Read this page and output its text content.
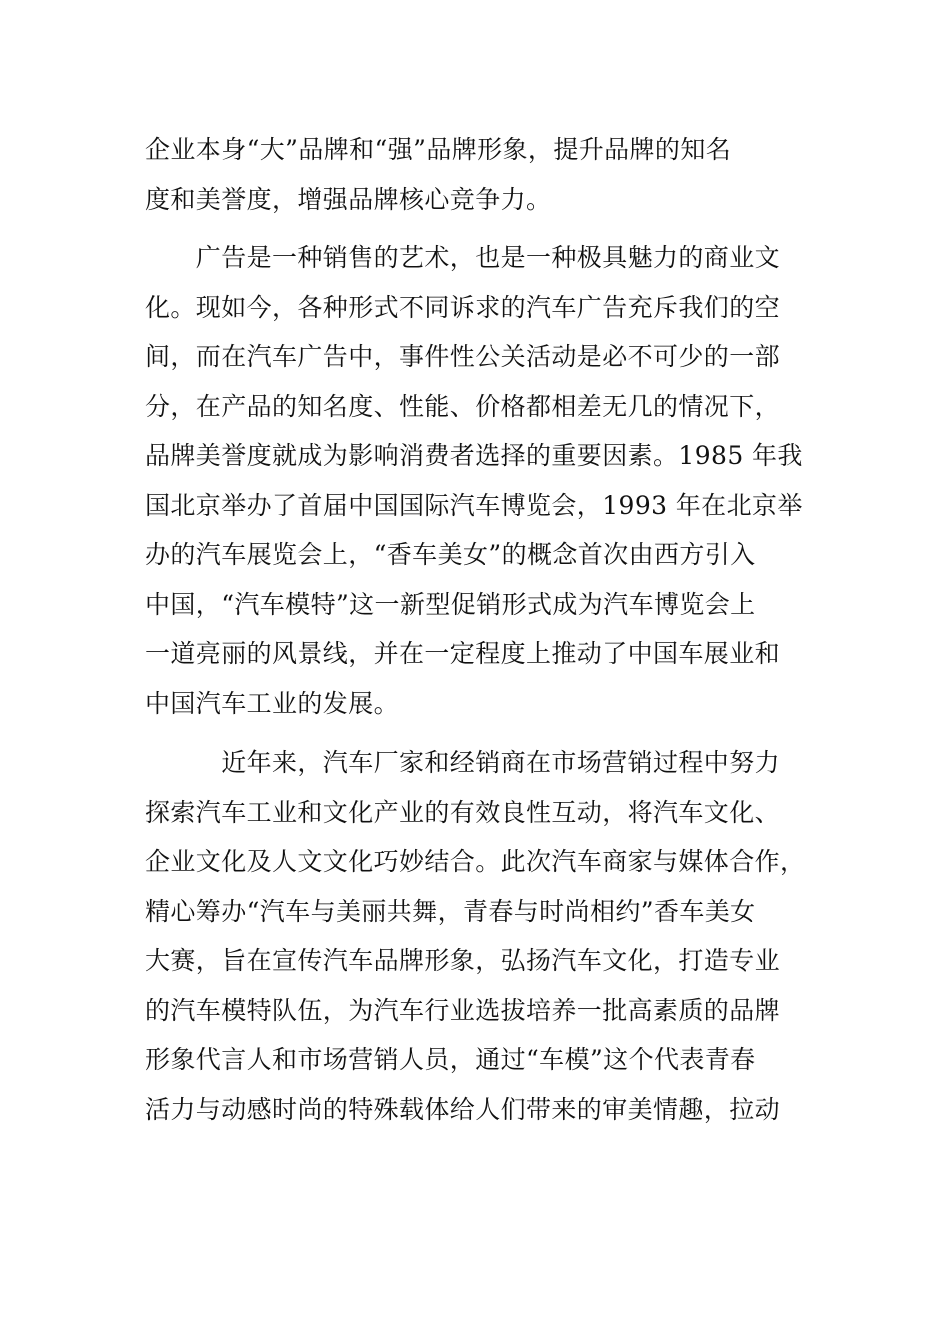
企业本身“大”品牌和“强”品牌形象，提升品牌的知名
度和美誉度，增强品牌核心竞争力。
　　广告是一种销售的艺术，也是一种极具魅力的商业文
化。现如今，各种形式不同诉求的汽车广告充斥我们的空
间，而在汽车广告中，事件性公关活动是必不可少的一部
分，在产品的知名度、性能、价格都相差无几的情况下，
品牌美誉度就成为影响消费者选择的重要因素。1985 年我
国北京举办了首届中国国际汽车博览会，1993 年在北京举
办的汽车展览会上，“香车美女”的概念首次由西方引入
中国，“汽车模特”这一新型促销形式成为汽车博览会上
一道亮丽的风景线，并在一定程度上推动了中国车展业和
中国汽车工业的发展。
　　　近年来，汽车厂家和经销商在市场营销过程中努力
探索汽车工业和文化产业的有效良性互动，将汽车文化、
企业文化及人文文化巧妙结合。此次汽车商家与媒体合作，
精心筹办“汽车与美丽共舞，青春与时尚相约”香车美女
大赛，旨在宣传汽车品牌形象，弘扬汽车文化，打造专业
的汽车模特队伍，为汽车行业选拔培养一批高素质的品牌
形象代言人和市场营销人员，通过“车模”这个代表青春
活力与动感时尚的特殊载体给人们带来的审美情趣，拉动
